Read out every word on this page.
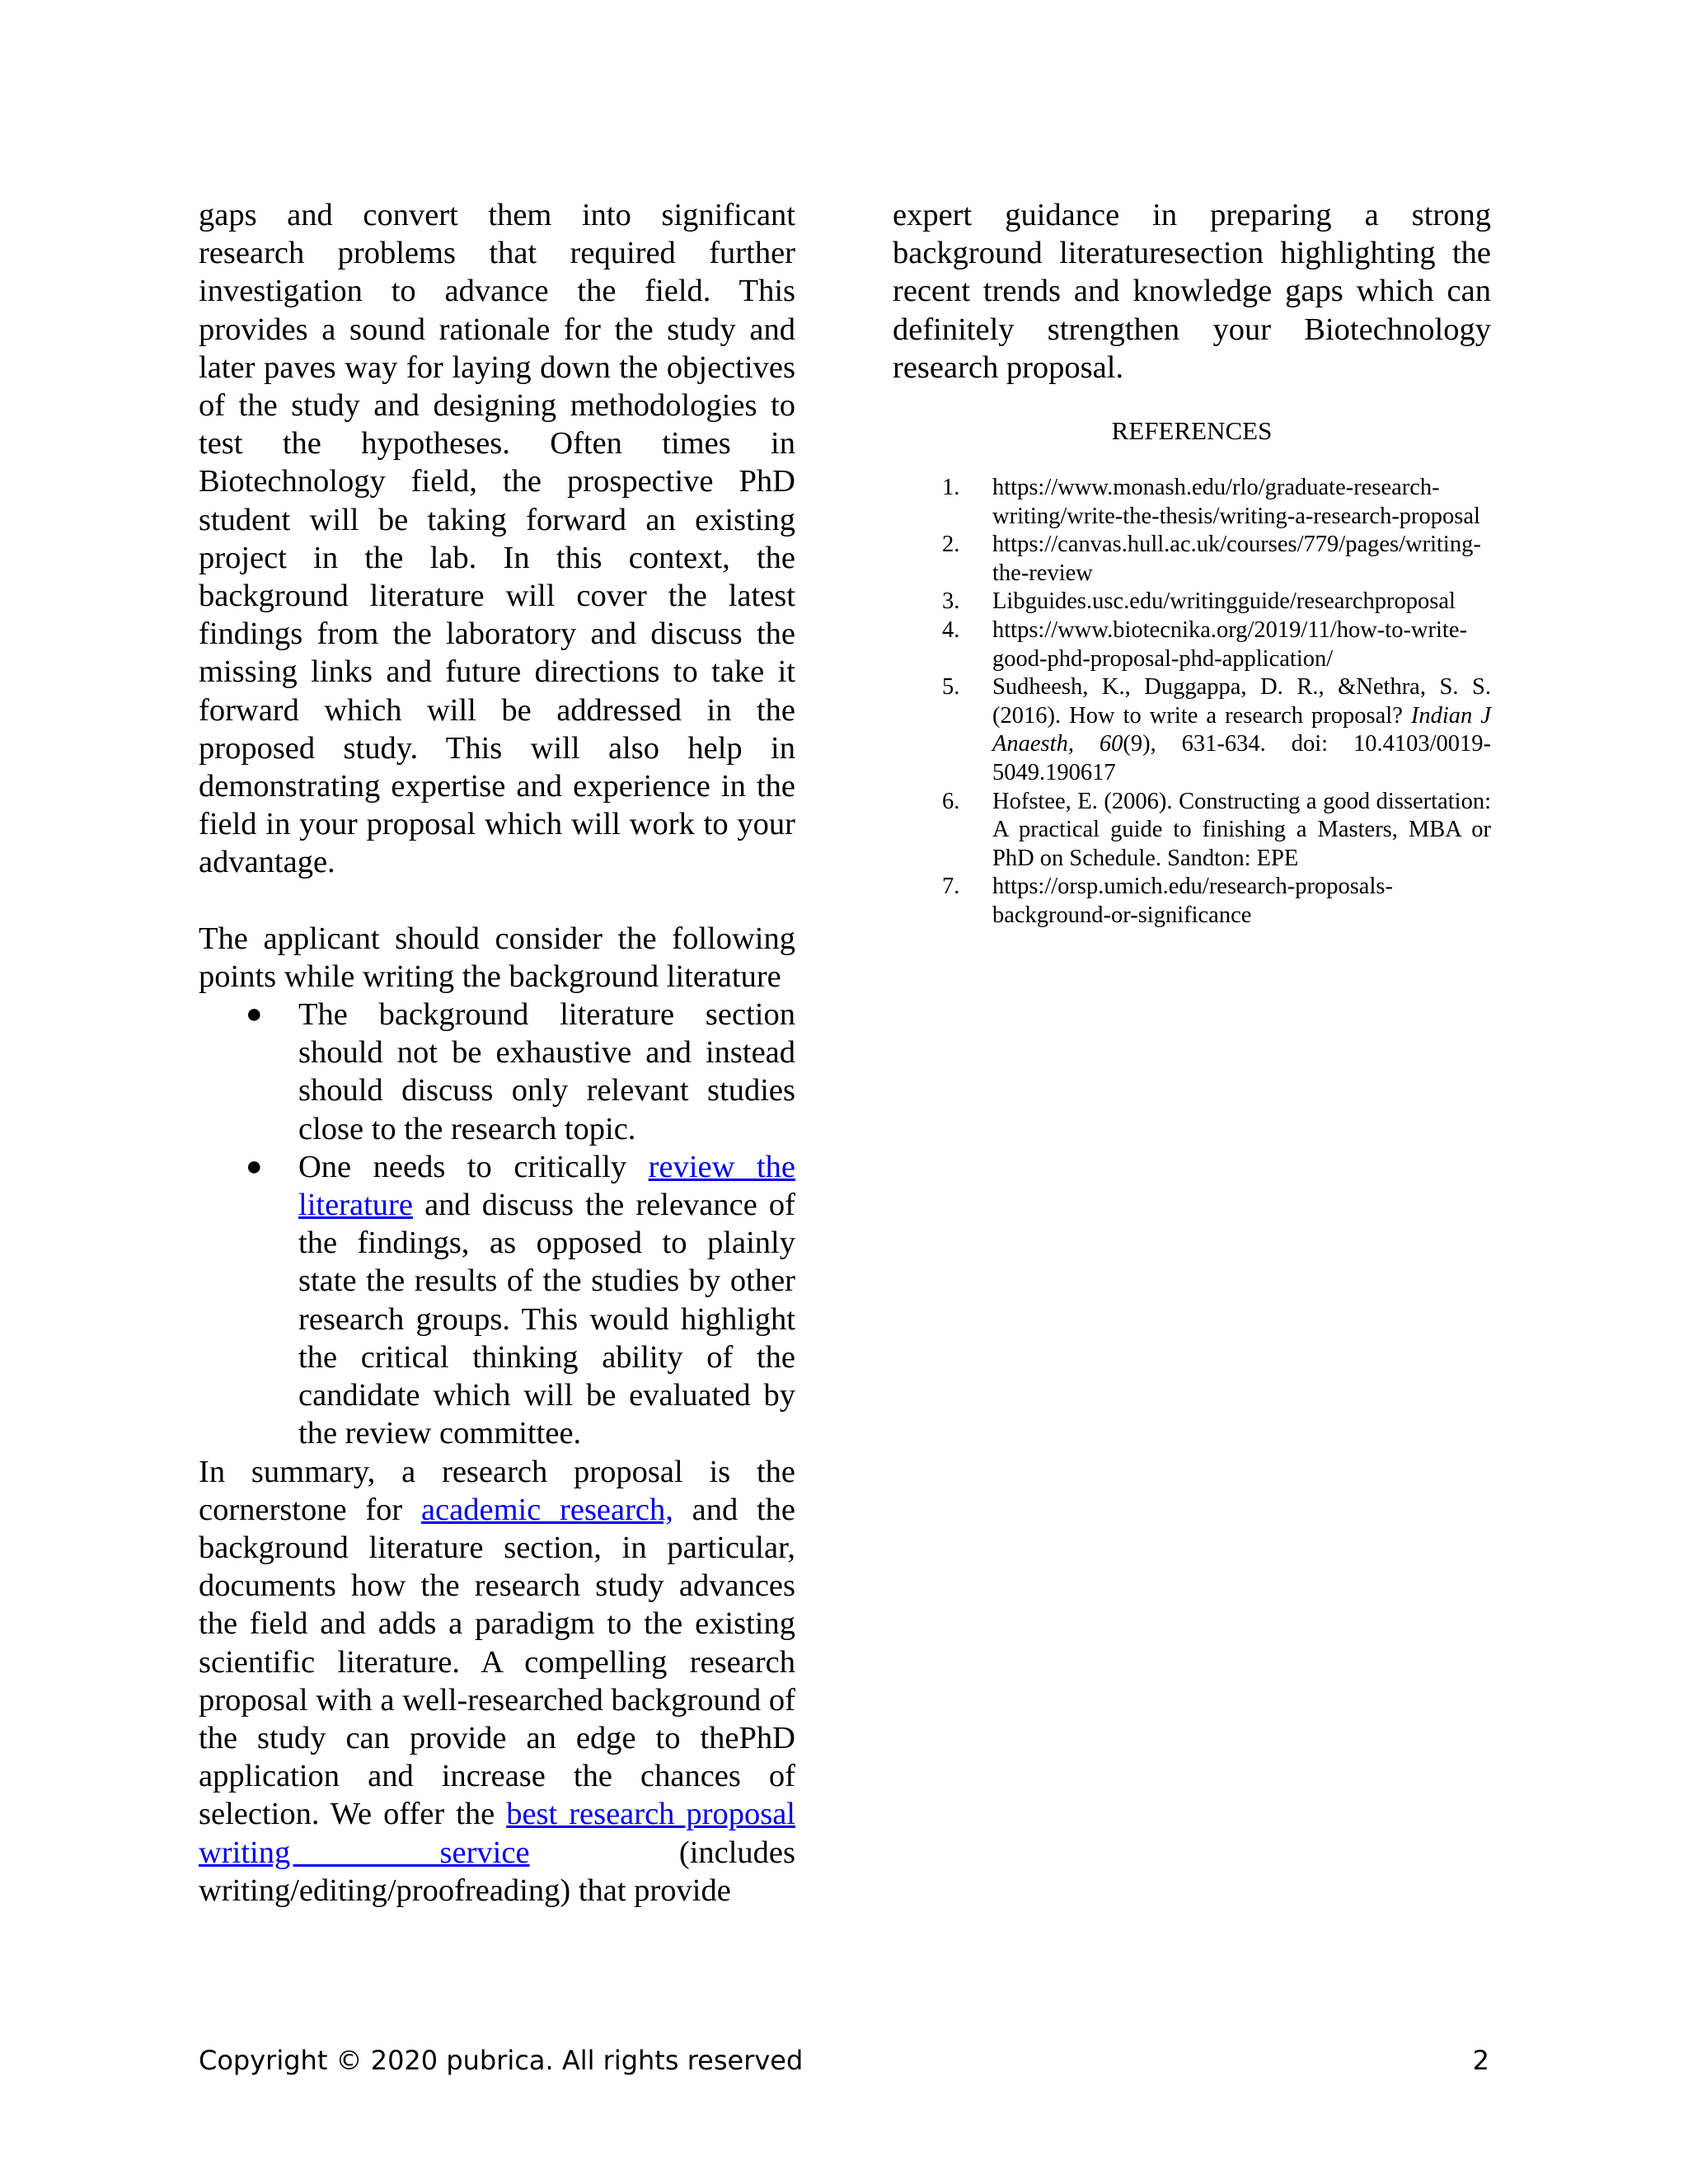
gaps and convert them into significant research problems that required further investigation to advance the field. This provides a sound rationale for the study and later paves way for laying down the objectives of the study and designing methodologies to test the hypotheses. Often times in Biotechnology field, the prospective PhD student will be taking forward an existing project in the lab. In this context, the background literature will cover the latest findings from the laboratory and discuss the missing links and future directions to take it forward which will be addressed in the proposed study. This will also help in demonstrating expertise and experience in the field in your proposal which will work to your advantage.

The applicant should consider the following points while writing the background literature

● The background literature section should not be exhaustive and instead should discuss only relevant studies close to the research topic.
● One needs to critically review the literature and discuss the relevance of the findings, as opposed to plainly state the results of the studies by other research groups. This would highlight the critical thinking ability of the candidate which will be evaluated by the review committee.

In summary, a research proposal is the cornerstone for academic research, and the background literature section, in particular, documents how the research study advances the field and adds a paradigm to the existing scientific literature. A compelling research proposal with a well-researched background of the study can provide an edge to thePhD application and increase the chances of selection. We offer the best research proposal writing service (includes writing/editing/proofreading) that provide

expert guidance in preparing a strong background literaturesection highlighting the recent trends and knowledge gaps which can definitely strengthen your Biotechnology research proposal.

REFERENCES
1. https://www.monash.edu/rlo/graduate-research-writing/write-the-thesis/writing-a-research-proposal
2. https://canvas.hull.ac.uk/courses/779/pages/writing-the-review
3. Libguides.usc.edu/writingguide/researchproposal
4. https://www.biotecnika.org/2019/11/how-to-write-good-phd-proposal-phd-application/
5. Sudheesh, K., Duggappa, D. R., &Nethra, S. S. (2016). How to write a research proposal? Indian J Anaesth, 60(9), 631-634. doi: 10.4103/0019-5049.190617
6. Hofstee, E. (2006). Constructing a good dissertation: A practical guide to finishing a Masters, MBA or PhD on Schedule. Sandton: EPE
7. https://orsp.umich.edu/research-proposals-background-or-significance
Copyright © 2020 pubrica. All rights reserved	2
